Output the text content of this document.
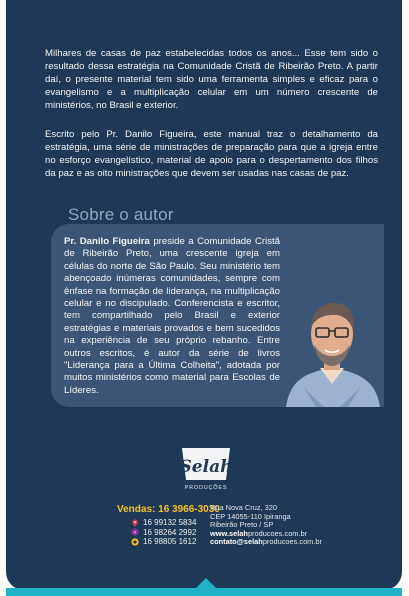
Milhares de casas de paz estabelecidas todos os anos... Esse tem sido o resultado dessa estratégia na Comunidade Cristã de Ribeirão Preto. A partir daí, o presente material tem sido uma ferramenta simples e eficaz para o evangelismo e a multiplicação celular em um número crescente de ministérios, no Brasil e exterior.

Escrito pelo Pr. Danilo Figueira, este manual traz o detalhamento da estratégia, uma série de ministrações de preparação para que a igreja entre no esforço evangelístico, material de apoio para o despertamento dos filhos da paz e as oito ministrações que devem ser usadas nas casas de paz.

Sobre o autor
Pr. Danilo Figueira preside a Comunidade Cristã de Ribeirão Preto, uma crescente igreja em células do norte de São Paulo. Seu ministério tem abençoado inúmeras comunidades, sempre com ênfase na formação de liderança, na multiplicação celular e no discipulado. Conferencista e escritor, tem compartilhado pelo Brasil e exterior estratégias e materiais provados e bem sucedidos na experiência de seu próprio rebanho. Entre outros escritos, é autor da série de livros "Liderança para a Última Colheita", adotada por muitos ministérios como material para Escolas de Líderes.
Selah
PRODUÇÕES
Vendas: 16 3966-3030
16 99132 5834
v 16 98264 2992
16 98805 1612
Rua Nova Cruz, 320
CEP 14055-110 Ipiranga
Ribeirão Preto / SP
www.selahproducoes.com.br
contato@selahproducoes.com.br
